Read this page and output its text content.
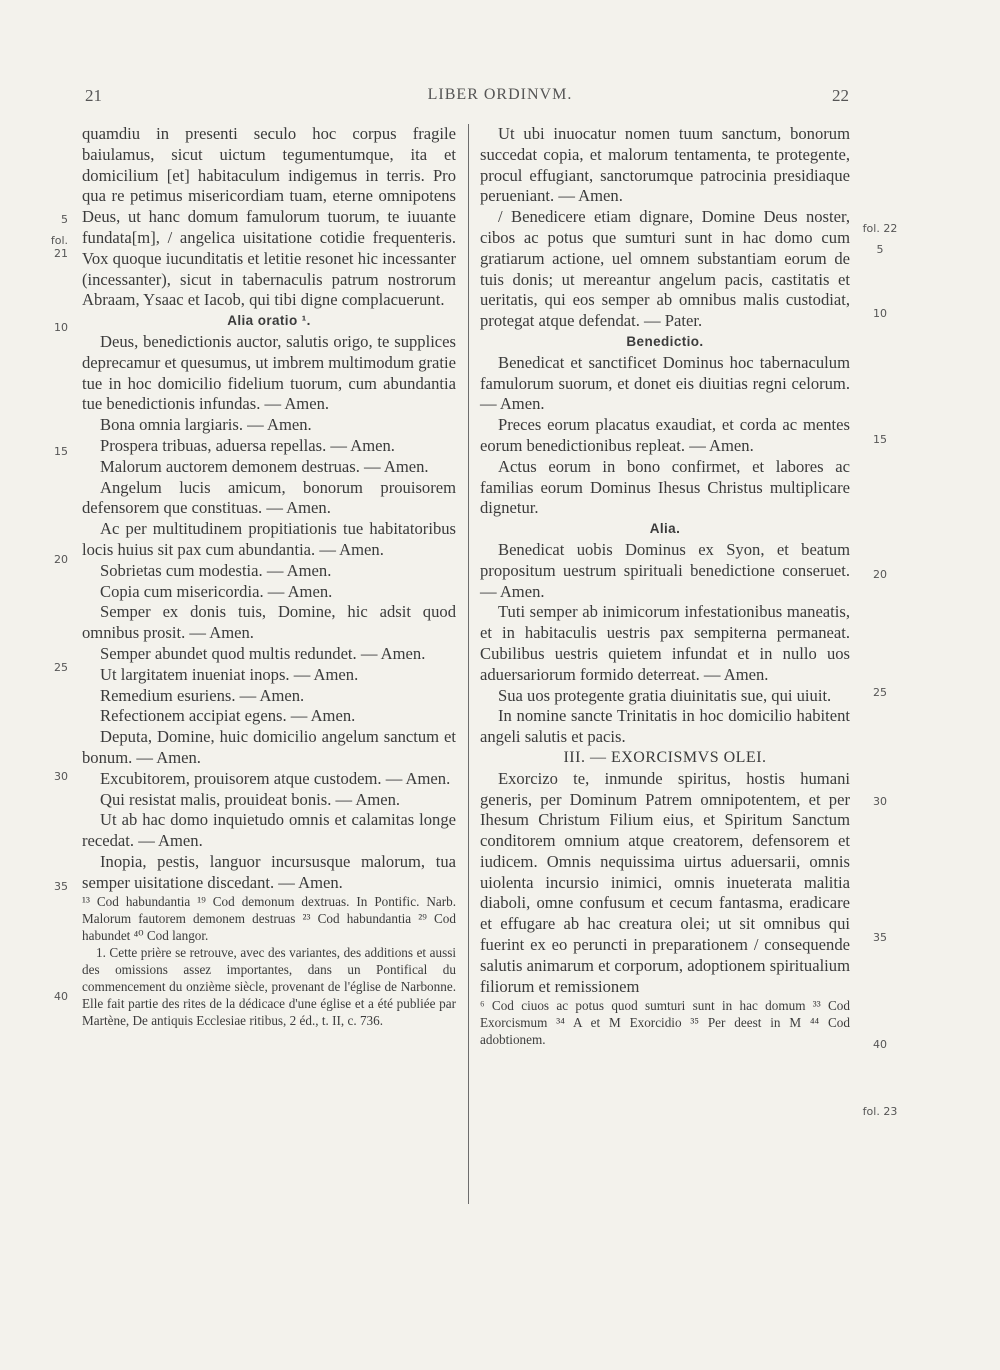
21	LIBER ORDINVM.	22
5
fol. 21
10
15
20
25
30
35
40
fol. 22
5
10
15
20
25
30
35
40
fol. 23

quamdiu in presenti seculo hoc corpus fragile baiulamus, sicut uictum tegumentumque, ita et domicilium [et] habitaculum indigemus in terris. Pro qua re petimus misericordiam tuam, eterne omnipotens Deus, ut hanc domum famulorum tuorum, te iuuante fundata[m], / angelica uisitatione cotidie frequenteris. Vox quoque iucunditatis et letitie resonet hic incessanter (incessanter), sicut in tabernaculis patrum nostrorum Abraam, Ysaac et Iacob, qui tibi digne complacuerunt.

Alia oratio ¹.

Deus, benedictionis auctor, salutis origo, te supplices deprecamur et quesumus, ut imbrem multimodum gratie tue in hoc domicilio fidelium tuorum, cum abundantia tue benedictionis infundas. — Amen.

Bona omnia largiaris. — Amen.

Prospera tribuas, aduersa repellas. — Amen.

Malorum auctorem demonem destruas. — Amen.

Angelum lucis amicum, bonorum prouisorem defensorem que constituas. — Amen.

Ac per multitudinem propitiationis tue habitatoribus locis huius sit pax cum abundantia. — Amen.

Sobrietas cum modestia. — Amen.

Copia cum misericordia. — Amen.

Semper ex donis tuis, Domine, hic adsit quod omnibus prosit. — Amen.

Semper abundet quod multis redundet. — Amen.

Ut largitatem inueniat inops. — Amen.

Remedium esuriens. — Amen.

Refectionem accipiat egens. — Amen.

Deputa, Domine, huic domicilio angelum sanctum et bonum. — Amen.

Excubitorem, prouisorem atque custodem. — Amen.

Qui resistat malis, prouideat bonis. — Amen.

Ut ab hac domo inquietudo omnis et calamitas longe recedat. — Amen.

Inopia, pestis, languor incursusque malorum, tua semper uisitatione discedant. — Amen.

¹³ Cod habundantia ¹⁹ Cod demonum dextruas. In Pontific. Narb. Malorum fautorem demonem destruas ²³ Cod habundantia ²⁹ Cod habundet ⁴⁰ Cod langor.

1. Cette prière se retrouve, avec des variantes, des additions et aussi des omissions assez importantes, dans un Pontifical du commencement du onzième siècle, provenant de l'église de Narbonne. Elle fait partie des rites de la dédicace d'une église et a été publiée par Martène, De antiquis Ecclesiae ritibus, 2 éd., t. II, c. 736.

Ut ubi inuocatur nomen tuum sanctum, bonorum succedat copia, et malorum tentamenta, te protegente, procul effugiant, sanctorumque patrocinia presidiaque perueniant. — Amen.

/ Benedicere etiam dignare, Domine Deus noster, cibos ac potus que sumturi sunt in hac domo cum gratiarum actione, uel omnem substantiam eorum de tuis donis; ut mereantur angelum pacis, castitatis et ueritatis, qui eos semper ab omnibus malis custodiat, protegat atque defendat. — Pater.

Benedictio.

Benedicat et sanctificet Dominus hoc tabernaculum famulorum suorum, et donet eis diuitias regni celorum. — Amen.

Preces eorum placatus exaudiat, et corda ac mentes eorum benedictionibus repleat. — Amen.

Actus eorum in bono confirmet, et labores ac familias eorum Dominus Ihesus Christus multiplicare dignetur.

Alia.

Benedicat uobis Dominus ex Syon, et beatum propositum uestrum spirituali benedictione conseruet. — Amen.

Tuti semper ab inimicorum infestationibus maneatis, et in habitaculis uestris pax sempiterna permaneat. Cubilibus uestris quietem infundat et in nullo uos aduersariorum formido deterreat. — Amen.

Sua uos protegente gratia diuinitatis sue, qui uiuit.

In nomine sancte Trinitatis in hoc domicilio habitent angeli salutis et pacis.

III. — EXORCISMVS OLEI.

Exorcizo te, inmunde spiritus, hostis humani generis, per Dominum Patrem omnipotentem, et per Ihesum Christum Filium eius, et Spiritum Sanctum conditorem omnium atque creatorem, defensorem et iudicem. Omnis nequissima uirtus aduersarii, omnis uiolenta incursio inimici, omnis inueterata malitia diaboli, omne confusum et cecum fantasma, eradicare et effugare ab hac creatura olei; ut sit omnibus qui fuerint ex eo peruncti in preparationem / consequende salutis animarum et corporum, adoptionem spiritualium filiorum et remissionem

⁶ Cod ciuos ac potus quod sumturi sunt in hac domum ³³ Cod Exorcismum ³⁴ A et M Exorcidio ³⁵ Per deest in M ⁴⁴ Cod adobtionem.
